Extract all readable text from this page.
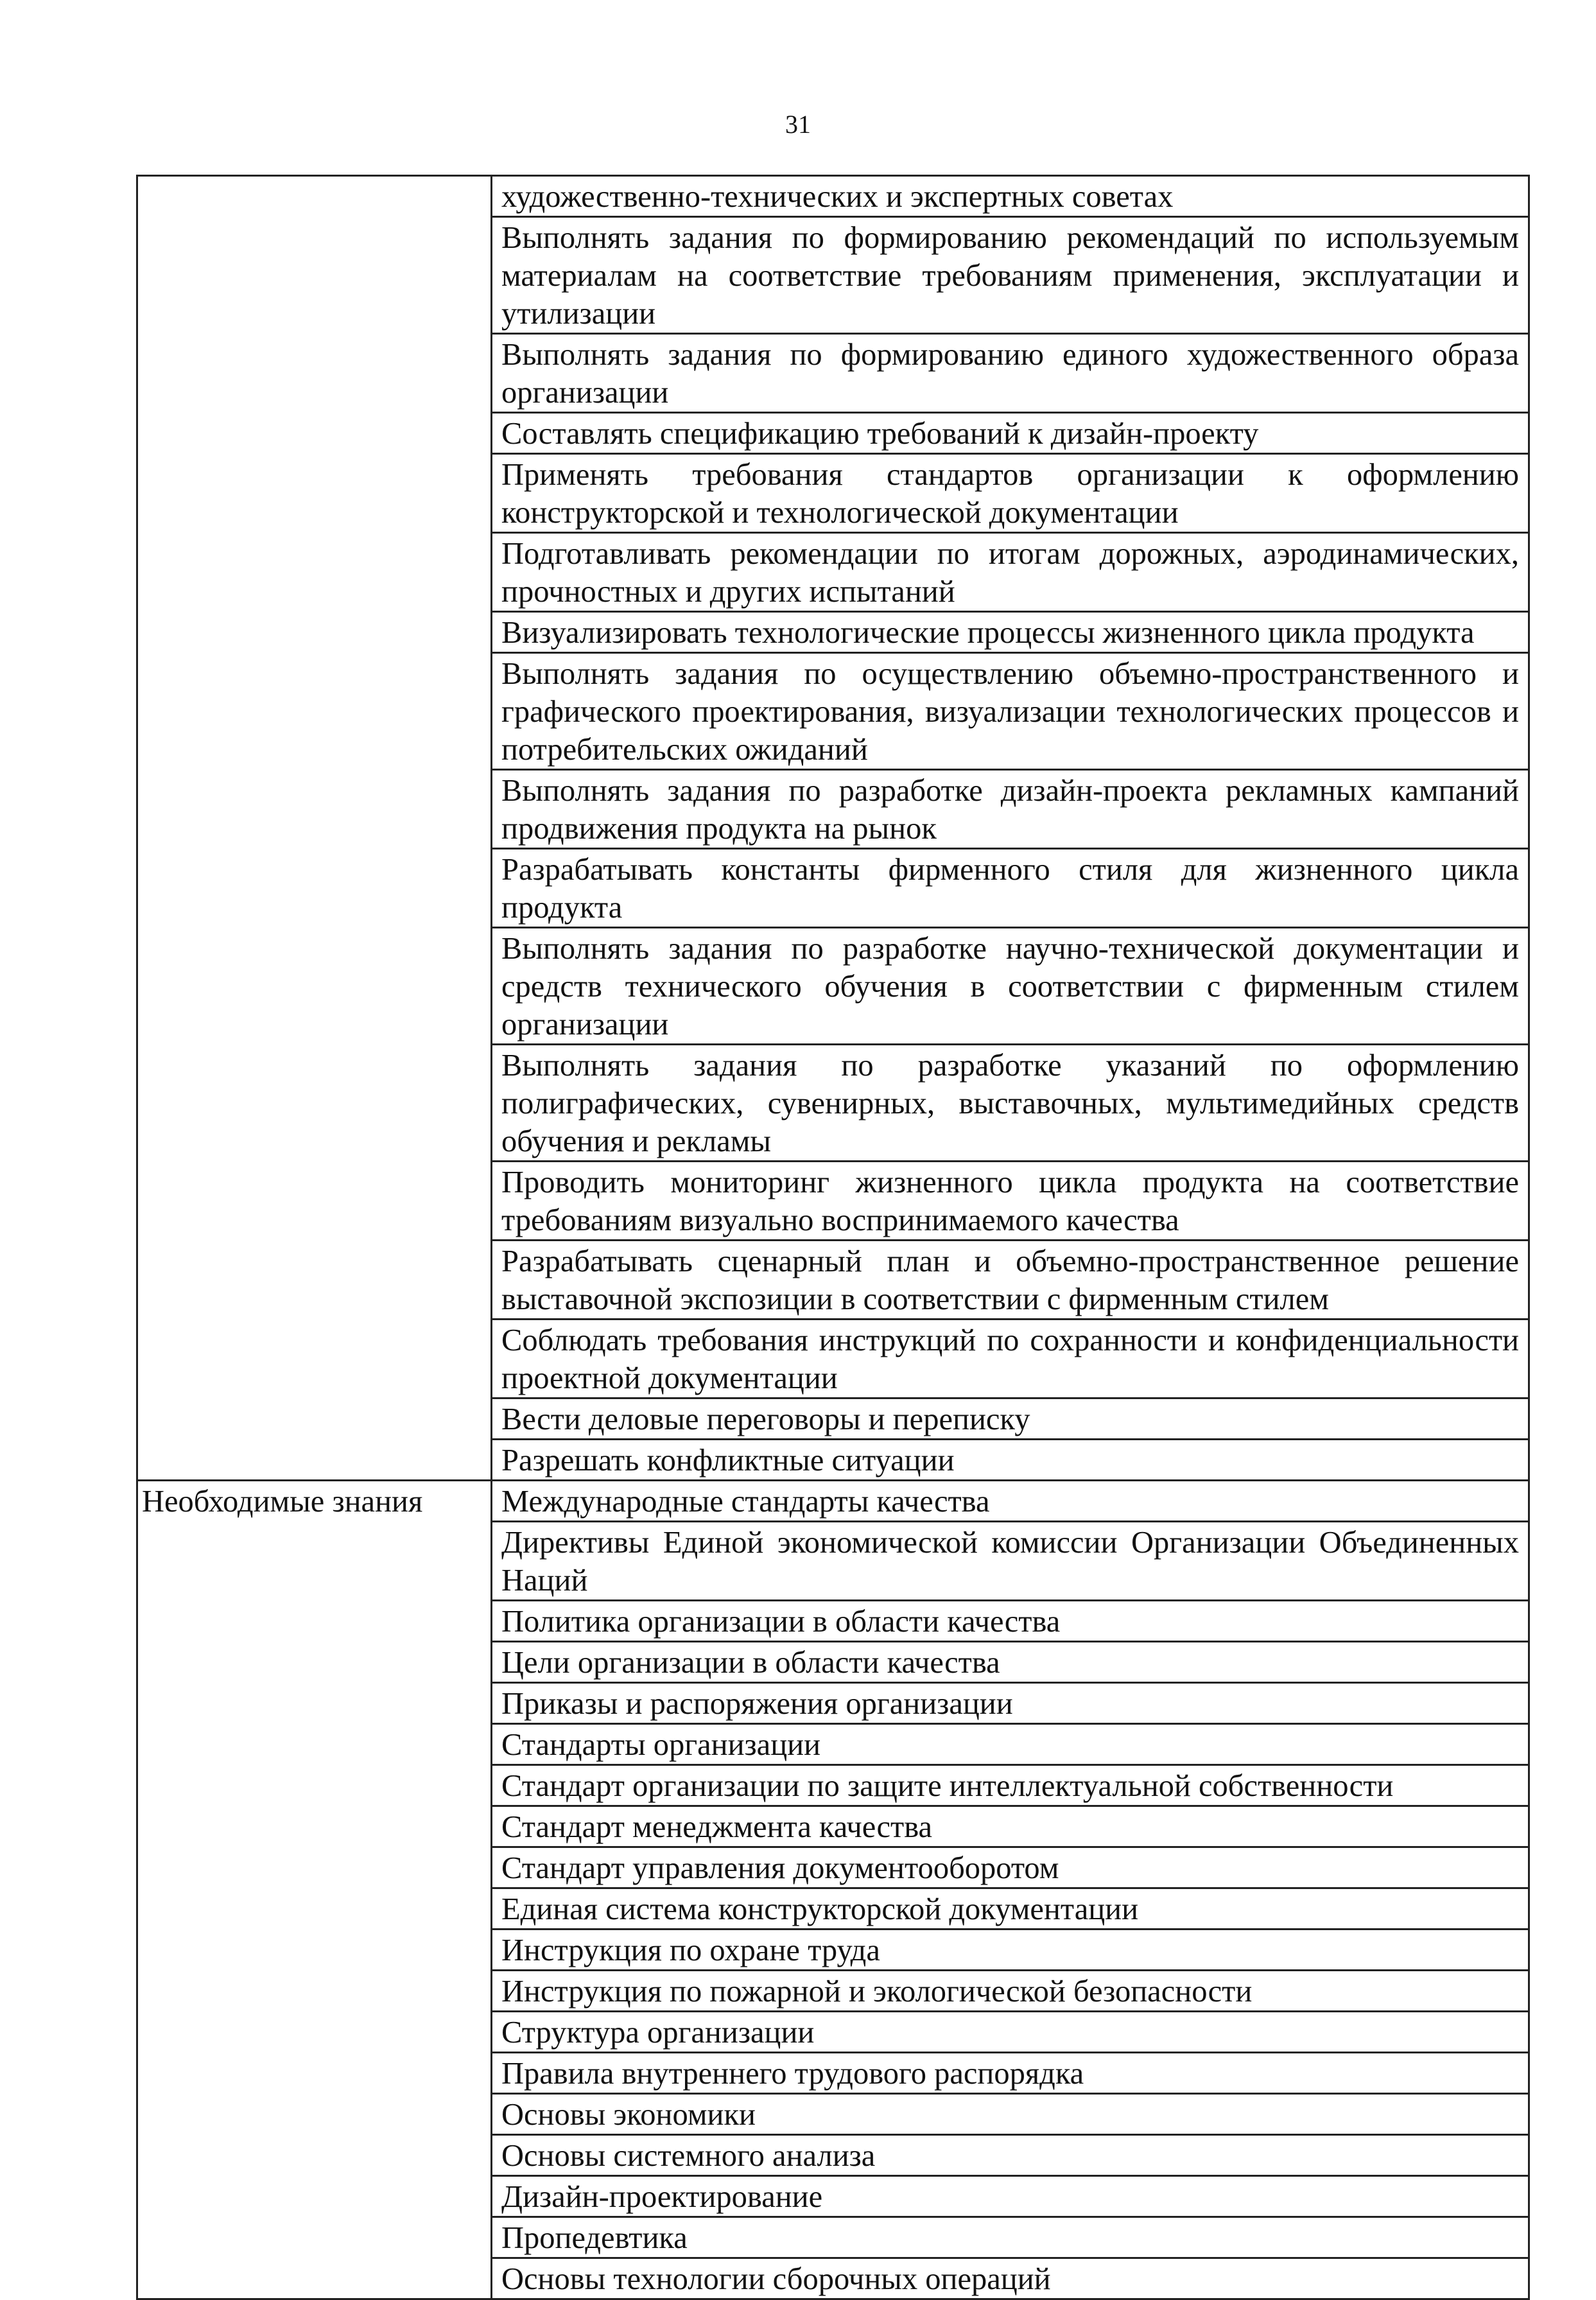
31
	художественно-технических и экспертных советах
	Выполнять задания по формированию рекомендаций по используемым материалам на соответствие требованиям применения, эксплуатации и утилизации
	Выполнять задания по формированию единого художественного образа организации
	Составлять спецификацию требований к дизайн-проекту
	Применять требования стандартов организации к оформлению конструкторской и технологической документации
	Подготавливать рекомендации по итогам дорожных, аэродинамических, прочностных и других испытаний
	Визуализировать технологические процессы жизненного цикла продукта
	Выполнять задания по осуществлению объемно-пространственного и графического проектирования, визуализации технологических процессов и потребительских ожиданий
	Выполнять задания по разработке дизайн-проекта рекламных кампаний продвижения продукта на рынок
	Разрабатывать константы фирменного стиля для жизненного цикла продукта
	Выполнять задания по разработке научно-технической документации и средств технического обучения в соответствии с фирменным стилем организации
	Выполнять задания по разработке указаний по оформлению полиграфических, сувенирных, выставочных, мультимедийных средств обучения и рекламы
	Проводить мониторинг жизненного цикла продукта на соответствие требованиям визуально воспринимаемого качества
	Разрабатывать сценарный план и объемно-пространственное решение выставочной экспозиции в соответствии с фирменным стилем
	Соблюдать требования инструкций по сохранности и конфиденциальности проектной документации
	Вести деловые переговоры и переписку
	Разрешать конфликтные ситуации
Необходимые знания	Международные стандарты качества
	Директивы Единой экономической комиссии Организации Объединенных Наций
	Политика организации в области качества
	Цели организации в области качества
	Приказы и распоряжения организации
	Стандарты организации
	Стандарт организации по защите интеллектуальной собственности
	Стандарт менеджмента качества
	Стандарт управления документооборотом
	Единая система конструкторской документации
	Инструкция по охране труда
	Инструкция по пожарной и экологической безопасности
	Структура организации
	Правила внутреннего трудового распорядка
	Основы экономики
	Основы системного анализа
	Дизайн-проектирование
	Пропедевтика
	Основы технологии сборочных операций
